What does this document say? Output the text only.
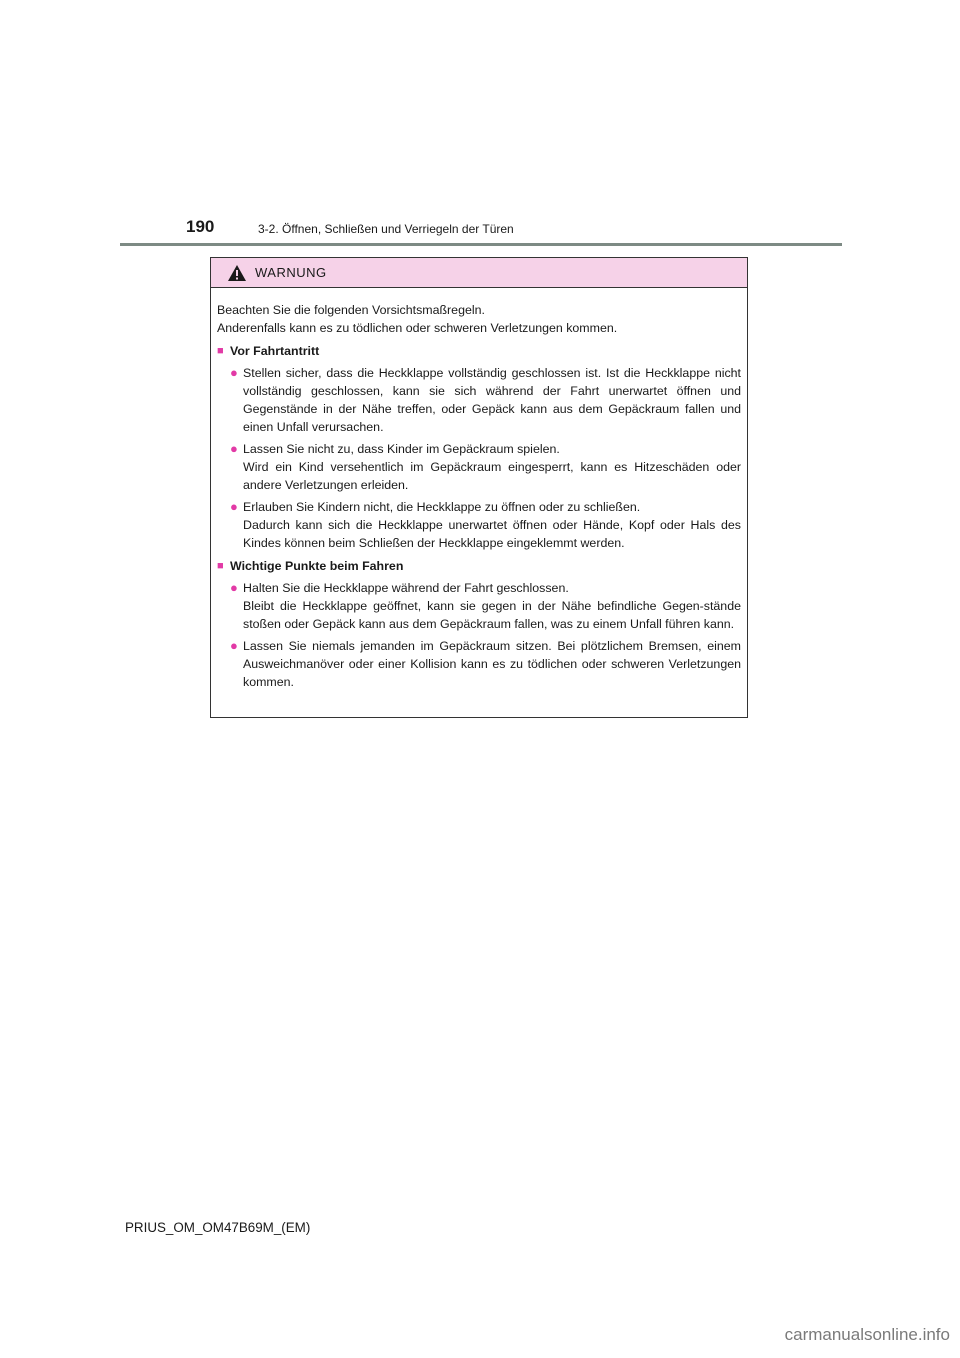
190	3-2. Öffnen, Schließen und Verriegeln der Türen
WARNUNG

Beachten Sie die folgenden Vorsichtsmaßregeln.

Anderenfalls kann es zu tödlichen oder schweren Verletzungen kommen.

■ Vor Fahrtantritt
● Stellen sicher, dass die Heckklappe vollständig geschlossen ist. Ist die Heckklappe nicht vollständig geschlossen, kann sie sich während der Fahrt unerwartet öffnen und Gegenstände in der Nähe treffen, oder Gepäck kann aus dem Gepäckraum fallen und einen Unfall verursachen.

● Lassen Sie nicht zu, dass Kinder im Gepäckraum spielen.

Wird ein Kind versehentlich im Gepäckraum eingesperrt, kann es Hitzeschäden oder andere Verletzungen erleiden.

● Erlauben Sie Kindern nicht, die Heckklappe zu öffnen oder zu schließen.

Dadurch kann sich die Heckklappe unerwartet öffnen oder Hände, Kopf oder Hals des Kindes können beim Schließen der Heckklappe eingeklemmt werden.

■ Wichtige Punkte beim Fahren
● Halten Sie die Heckklappe während der Fahrt geschlossen.

Bleibt die Heckklappe geöffnet, kann sie gegen in der Nähe befindliche Gegen-stände stoßen oder Gepäck kann aus dem Gepäckraum fallen, was zu einem Unfall führen kann.

● Lassen Sie niemals jemanden im Gepäckraum sitzen. Bei plötzlichem Bremsen, einem Ausweichmanöver oder einer Kollision kann es zu tödlichen oder schweren Verletzungen kommen.

PRIUS_OM_OM47B69M_(EM)
carmanualsonline.info
